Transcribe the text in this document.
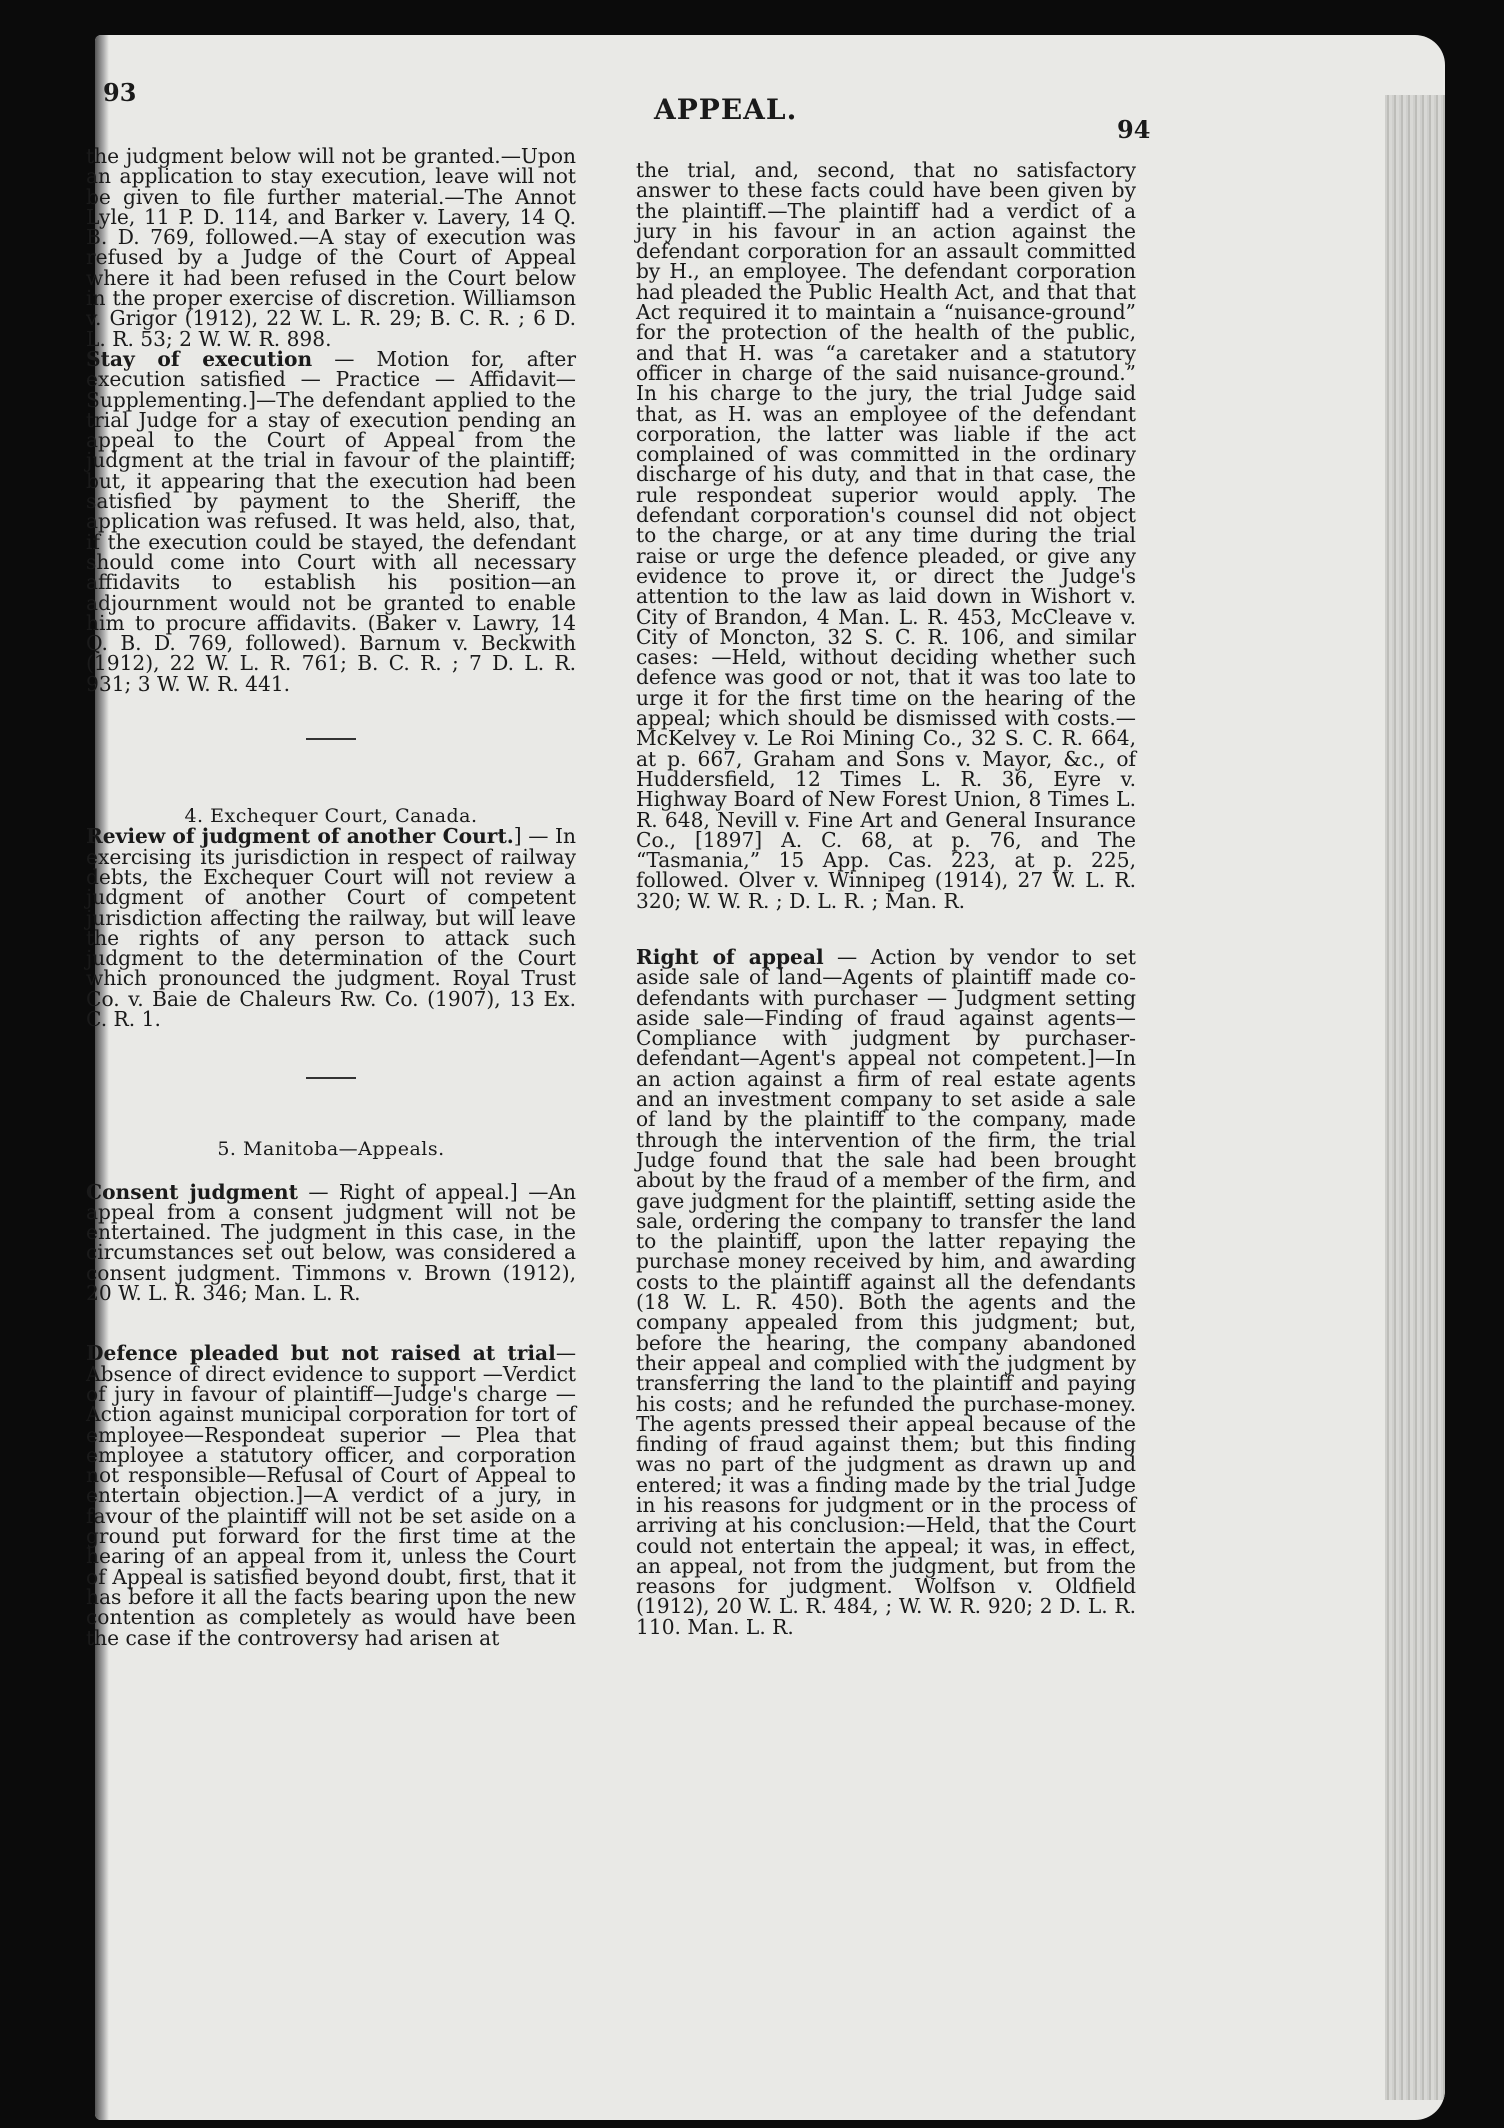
93
APPEAL.
94

the judgment below will not be granted.—Upon an application to stay execution, leave will not be given to file further material.—The Annot Lyle, 11 P. D. 114, and Barker v. Lavery, 14 Q. B. D. 769, followed.—A stay of execution was refused by a Judge of the Court of Appeal where it had been refused in the Court below in the proper exercise of discretion. Williamson v. Grigor (1912), 22 W. L. R. 29; B. C. R. ; 6 D. L. R. 53; 2 W. W. R. 898.

Stay of execution — Motion for, after execution satisfied — Practice — Affidavit—Supplementing.]—The defendant applied to the trial Judge for a stay of execution pending an appeal to the Court of Appeal from the judgment at the trial in favour of the plaintiff; but, it appearing that the execution had been satisfied by payment to the Sheriff, the application was refused. It was held, also, that, if the execution could be stayed, the defendant should come into Court with all necessary affidavits to establish his position—an adjournment would not be granted to enable him to procure affidavits. (Baker v. Lawry, 14 Q. B. D. 769, followed). Barnum v. Beckwith (1912), 22 W. L. R. 761; B. C. R. ; 7 D. L. R. 931; 3 W. W. R. 441.

4. Exchequer Court, Canada.

Review of judgment of another Court.] — In exercising its jurisdiction in respect of railway debts, the Exchequer Court will not review a judgment of another Court of competent jurisdiction affecting the railway, but will leave the rights of any person to attack such judgment to the determination of the Court which pronounced the judgment. Royal Trust Co. v. Baie de Chaleurs Rw. Co. (1907), 13 Ex. C. R. 1.

5. Manitoba—Appeals.

Consent judgment — Right of appeal.] —An appeal from a consent judgment will not be entertained. The judgment in this case, in the circumstances set out below, was considered a consent judgment. Timmons v. Brown (1912), 20 W. L. R. 346; Man. L. R.

Defence pleaded but not raised at trial—Absence of direct evidence to support —Verdict of jury in favour of plaintiff—Judge's charge — Action against municipal corporation for tort of employee—Respondeat superior — Plea that employee a statutory officer, and corporation not responsible—Refusal of Court of Appeal to entertain objection.]—A verdict of a jury, in favour of the plaintiff will not be set aside on a ground put forward for the first time at the hearing of an appeal from it, unless the Court of Appeal is satisfied beyond doubt, first, that it has before it all the facts bearing upon the new contention as completely as would have been the case if the controversy had arisen at

the trial, and, second, that no satisfactory answer to these facts could have been given by the plaintiff.—The plaintiff had a verdict of a jury in his favour in an action against the defendant corporation for an assault committed by H., an employee. The defendant corporation had pleaded the Public Health Act, and that that Act required it to maintain a “nuisance-ground” for the protection of the health of the public, and that H. was “a caretaker and a statutory officer in charge of the said nuisance-ground.” In his charge to the jury, the trial Judge said that, as H. was an employee of the defendant corporation, the latter was liable if the act complained of was committed in the ordinary discharge of his duty, and that in that case, the rule respondeat superior would apply. The defendant corporation's counsel did not object to the charge, or at any time during the trial raise or urge the defence pleaded, or give any evidence to prove it, or direct the Judge's attention to the law as laid down in Wishort v. City of Brandon, 4 Man. L. R. 453, McCleave v. City of Moncton, 32 S. C. R. 106, and similar cases: —Held, without deciding whether such defence was good or not, that it was too late to urge it for the first time on the hearing of the appeal; which should be dismissed with costs.—McKelvey v. Le Roi Mining Co., 32 S. C. R. 664, at p. 667, Graham and Sons v. Mayor, &c., of Huddersfield, 12 Times L. R. 36, Eyre v. Highway Board of New Forest Union, 8 Times L. R. 648, Nevill v. Fine Art and General Insurance Co., [1897] A. C. 68, at p. 76, and The “Tasmania,” 15 App. Cas. 223, at p. 225, followed. Olver v. Winnipeg (1914), 27 W. L. R. 320; W. W. R. ; D. L. R. ; Man. R.

Right of appeal — Action by vendor to set aside sale of land—Agents of plaintiff made co-defendants with purchaser — Judgment setting aside sale—Finding of fraud against agents—Compliance with judgment by purchaser-defendant—Agent's appeal not competent.]—In an action against a firm of real estate agents and an investment company to set aside a sale of land by the plaintiff to the company, made through the intervention of the firm, the trial Judge found that the sale had been brought about by the fraud of a member of the firm, and gave judgment for the plaintiff, setting aside the sale, ordering the company to transfer the land to the plaintiff, upon the latter repaying the purchase money received by him, and awarding costs to the plaintiff against all the defendants (18 W. L. R. 450). Both the agents and the company appealed from this judgment; but, before the hearing, the company abandoned their appeal and complied with the judgment by transferring the land to the plaintiff and paying his costs; and he refunded the purchase-money. The agents pressed their appeal because of the finding of fraud against them; but this finding was no part of the judgment as drawn up and entered; it was a finding made by the trial Judge in his reasons for judgment or in the process of arriving at his conclusion:—Held, that the Court could not entertain the appeal; it was, in effect, an appeal, not from the judgment, but from the reasons for judgment. Wolfson v. Oldfield (1912), 20 W. L. R. 484, ; W. W. R. 920; 2 D. L. R. 110. Man. L. R.
